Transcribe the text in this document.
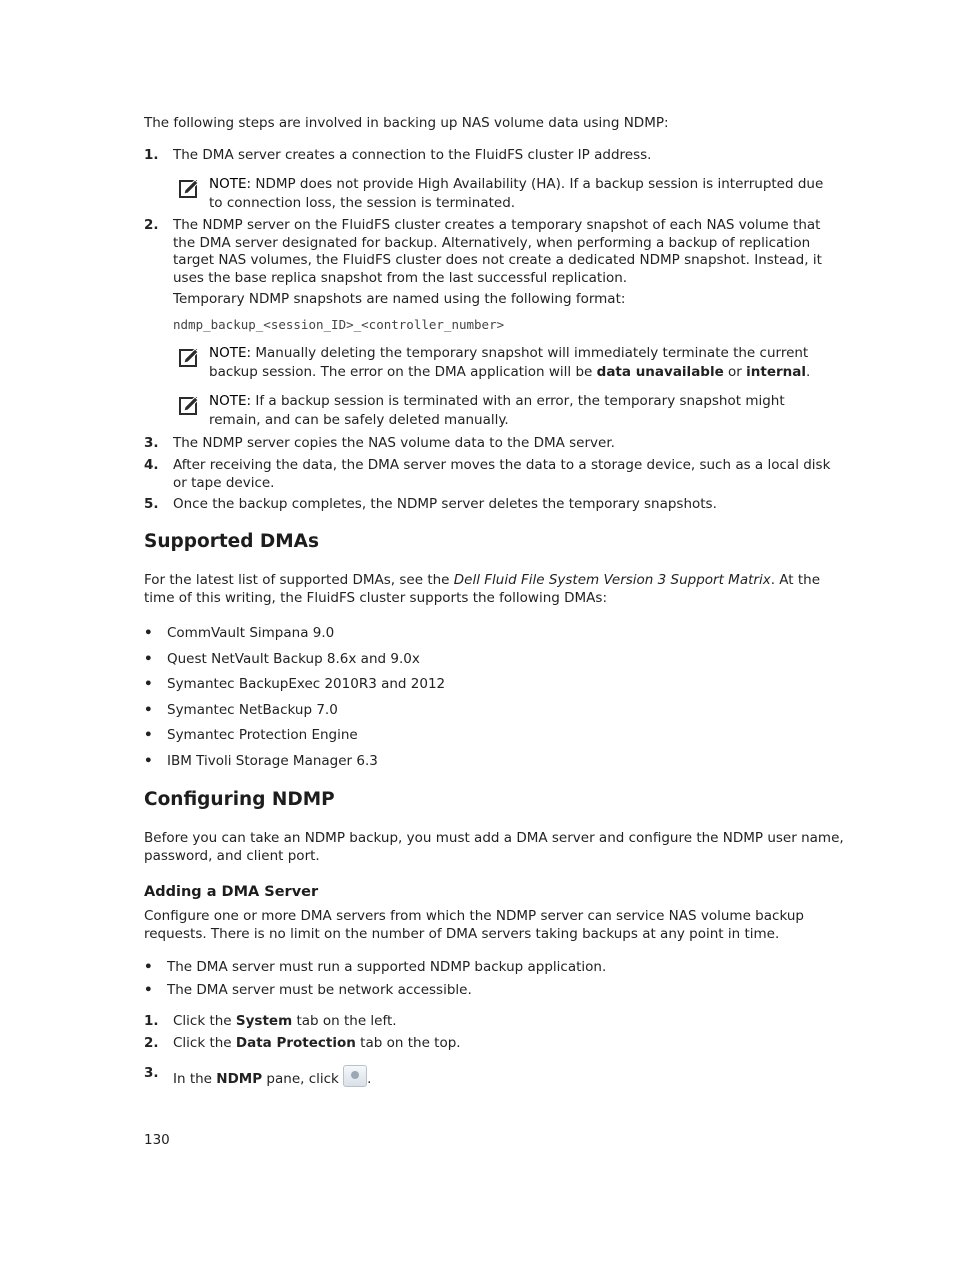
The following steps are involved in backing up NAS volume data using NDMP:

1. The DMA server creates a connection to the FluidFS cluster IP address.
NOTE: NDMP does not provide High Availability (HA). If a backup session is interrupted due to connection loss, the session is terminated.
2. The NDMP server on the FluidFS cluster creates a temporary snapshot of each NAS volume that the DMA server designated for backup. Alternatively, when performing a backup of replication target NAS volumes, the FluidFS cluster does not create a dedicated NDMP snapshot. Instead, it uses the base replica snapshot from the last successful replication.
Temporary NDMP snapshots are named using the following format:
ndmp_backup_<session_ID>_<controller_number>
NOTE: Manually deleting the temporary snapshot will immediately terminate the current backup session. The error on the DMA application will be data unavailable or internal.
NOTE: If a backup session is terminated with an error, the temporary snapshot might remain, and can be safely deleted manually.
3. The NDMP server copies the NAS volume data to the DMA server.
4. After receiving the data, the DMA server moves the data to a storage device, such as a local disk or tape device.
5. Once the backup completes, the NDMP server deletes the temporary snapshots.
Supported DMAs

For the latest list of supported DMAs, see the Dell Fluid File System Version 3 Support Matrix. At the time of this writing, the FluidFS cluster supports the following DMAs:

• CommVault Simpana 9.0
• Quest NetVault Backup 8.6x and 9.0x
• Symantec BackupExec 2010R3 and 2012
• Symantec NetBackup 7.0
• Symantec Protection Engine
• IBM Tivoli Storage Manager 6.3
Configuring NDMP

Before you can take an NDMP backup, you must add a DMA server and configure the NDMP user name, password, and client port.

Adding a DMA Server

Configure one or more DMA servers from which the NDMP server can service NAS volume backup requests. There is no limit on the number of DMA servers taking backups at any point in time.

• The DMA server must run a supported NDMP backup application.
• The DMA server must be network accessible.
1. Click the System tab on the left.
2. Click the Data Protection tab on the top.
3. In the NDMP pane, click .
130
